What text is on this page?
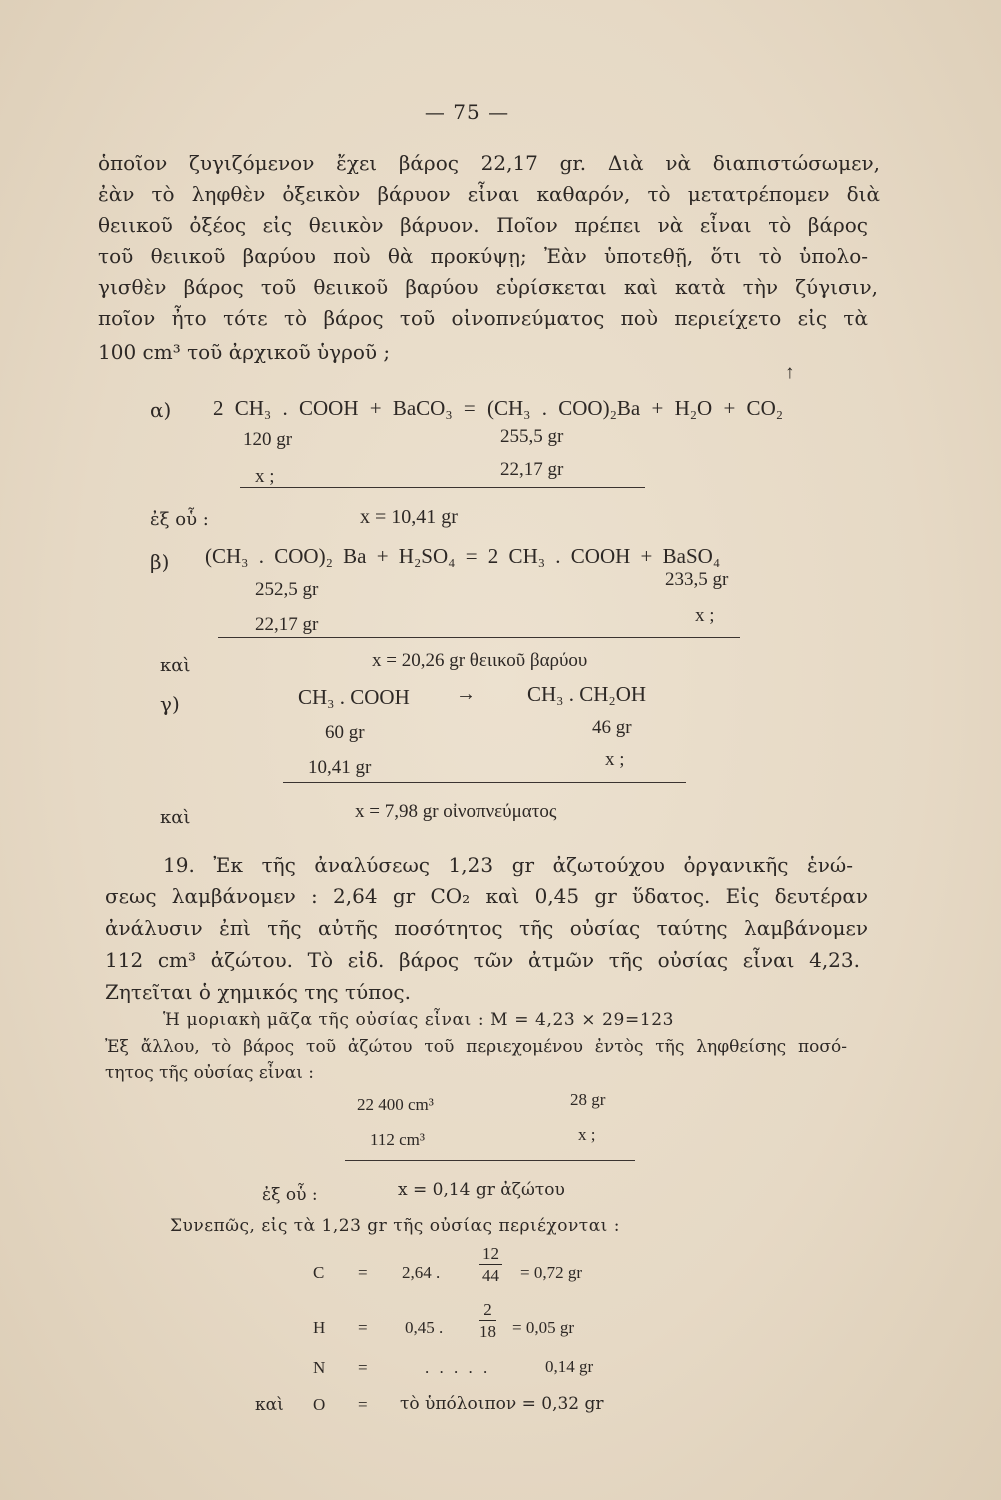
— 75 —
ὁποῖον ζυγιζόμενον ἔχει βάρος 22,17 gr. Διὰ νὰ διαπιστώσωμεν,
ἐὰν τὸ ληφθὲν ὀξεικὸν βάρυον εἶναι καθαρόν, τὸ μετατρέπομεν διὰ
θειικοῦ ὀξέος εἰς θειικὸν βάρυον. Ποῖον πρέπει νὰ εἶναι τὸ βάρος
τοῦ θειικοῦ βαρύου ποὺ θὰ προκύψῃ; Ἐὰν ὑποτεθῇ, ὅτι τὸ ὑπολο-
γισθὲν βάρος τοῦ θειικοῦ βαρύου εὑρίσκεται καὶ κατὰ τὴν ζύγισιν,
ποῖον ἦτο τότε τὸ βάρος τοῦ οἰνοπνεύματος ποὺ περιείχετο εἰς τὰ
100 cm³ τοῦ ἀρχικοῦ ὑγροῦ ;
↑
α) 2 CH₃ . COOH + BaCO₃ = (CH₃ . COO)₂Ba + H₂O + CO₂
120 gr	255,5 gr
x ;	22,17 gr
ἐξ οὗ :	x = 10,41 gr
β) (CH₃ . COO)₂ Ba + H₂SO₄ = 2 CH₃ . COOH + BaSO₄
252,5 gr	233,5 gr
22,17 gr	x ;
καὶ	x = 20,26 gr θειικοῦ βαρύου
γ)	CH₃ . COOH → CH₃ . CH₂OH
60 gr	46 gr
10,41 gr	x ;
καὶ	x = 7,98 gr οἰνοπνεύματος
19. Ἐκ τῆς ἀναλύσεως 1,23 gr ἀζωτούχου ὀργανικῆς ἑνώ-
σεως λαμβάνομεν : 2,64 gr CO₂ καὶ 0,45 gr ὕδατος. Εἰς δευτέραν
ἀνάλυσιν ἐπὶ τῆς αὐτῆς ποσότητος τῆς οὐσίας ταύτης λαμβάνομεν
112 cm³ ἀζώτου. Τὸ εἰδ. βάρος τῶν ἀτμῶν τῆς οὐσίας εἶναι 4,23.
Ζητεῖται ὁ χημικός της τύπος.
Ἡ μοριακὴ μᾶζα τῆς οὐσίας εἶναι : M = 4,23 × 29=123
Ἐξ ἄλλου, τὸ βάρος τοῦ ἀζώτου τοῦ περιεχομένου ἐντὸς τῆς ληφθείσης ποσό-
τητος τῆς οὐσίας εἶναι :
22 400 cm³	28 gr
112 cm³	x ;
ἐξ οὗ :	x = 0,14 gr ἀζώτου
Συνεπῶς, εἰς τὰ 1,23 gr τῆς οὐσίας περιέχονται :
C = 2,64 . $\frac{12}{44} = 0,72$ gr
H = 0,45 . $\frac{2}{18} = 0,05$ gr
N =	. . . . .	0,14 gr
καὶ O = τὸ ὑπόλοιπον = 0,32 gr
